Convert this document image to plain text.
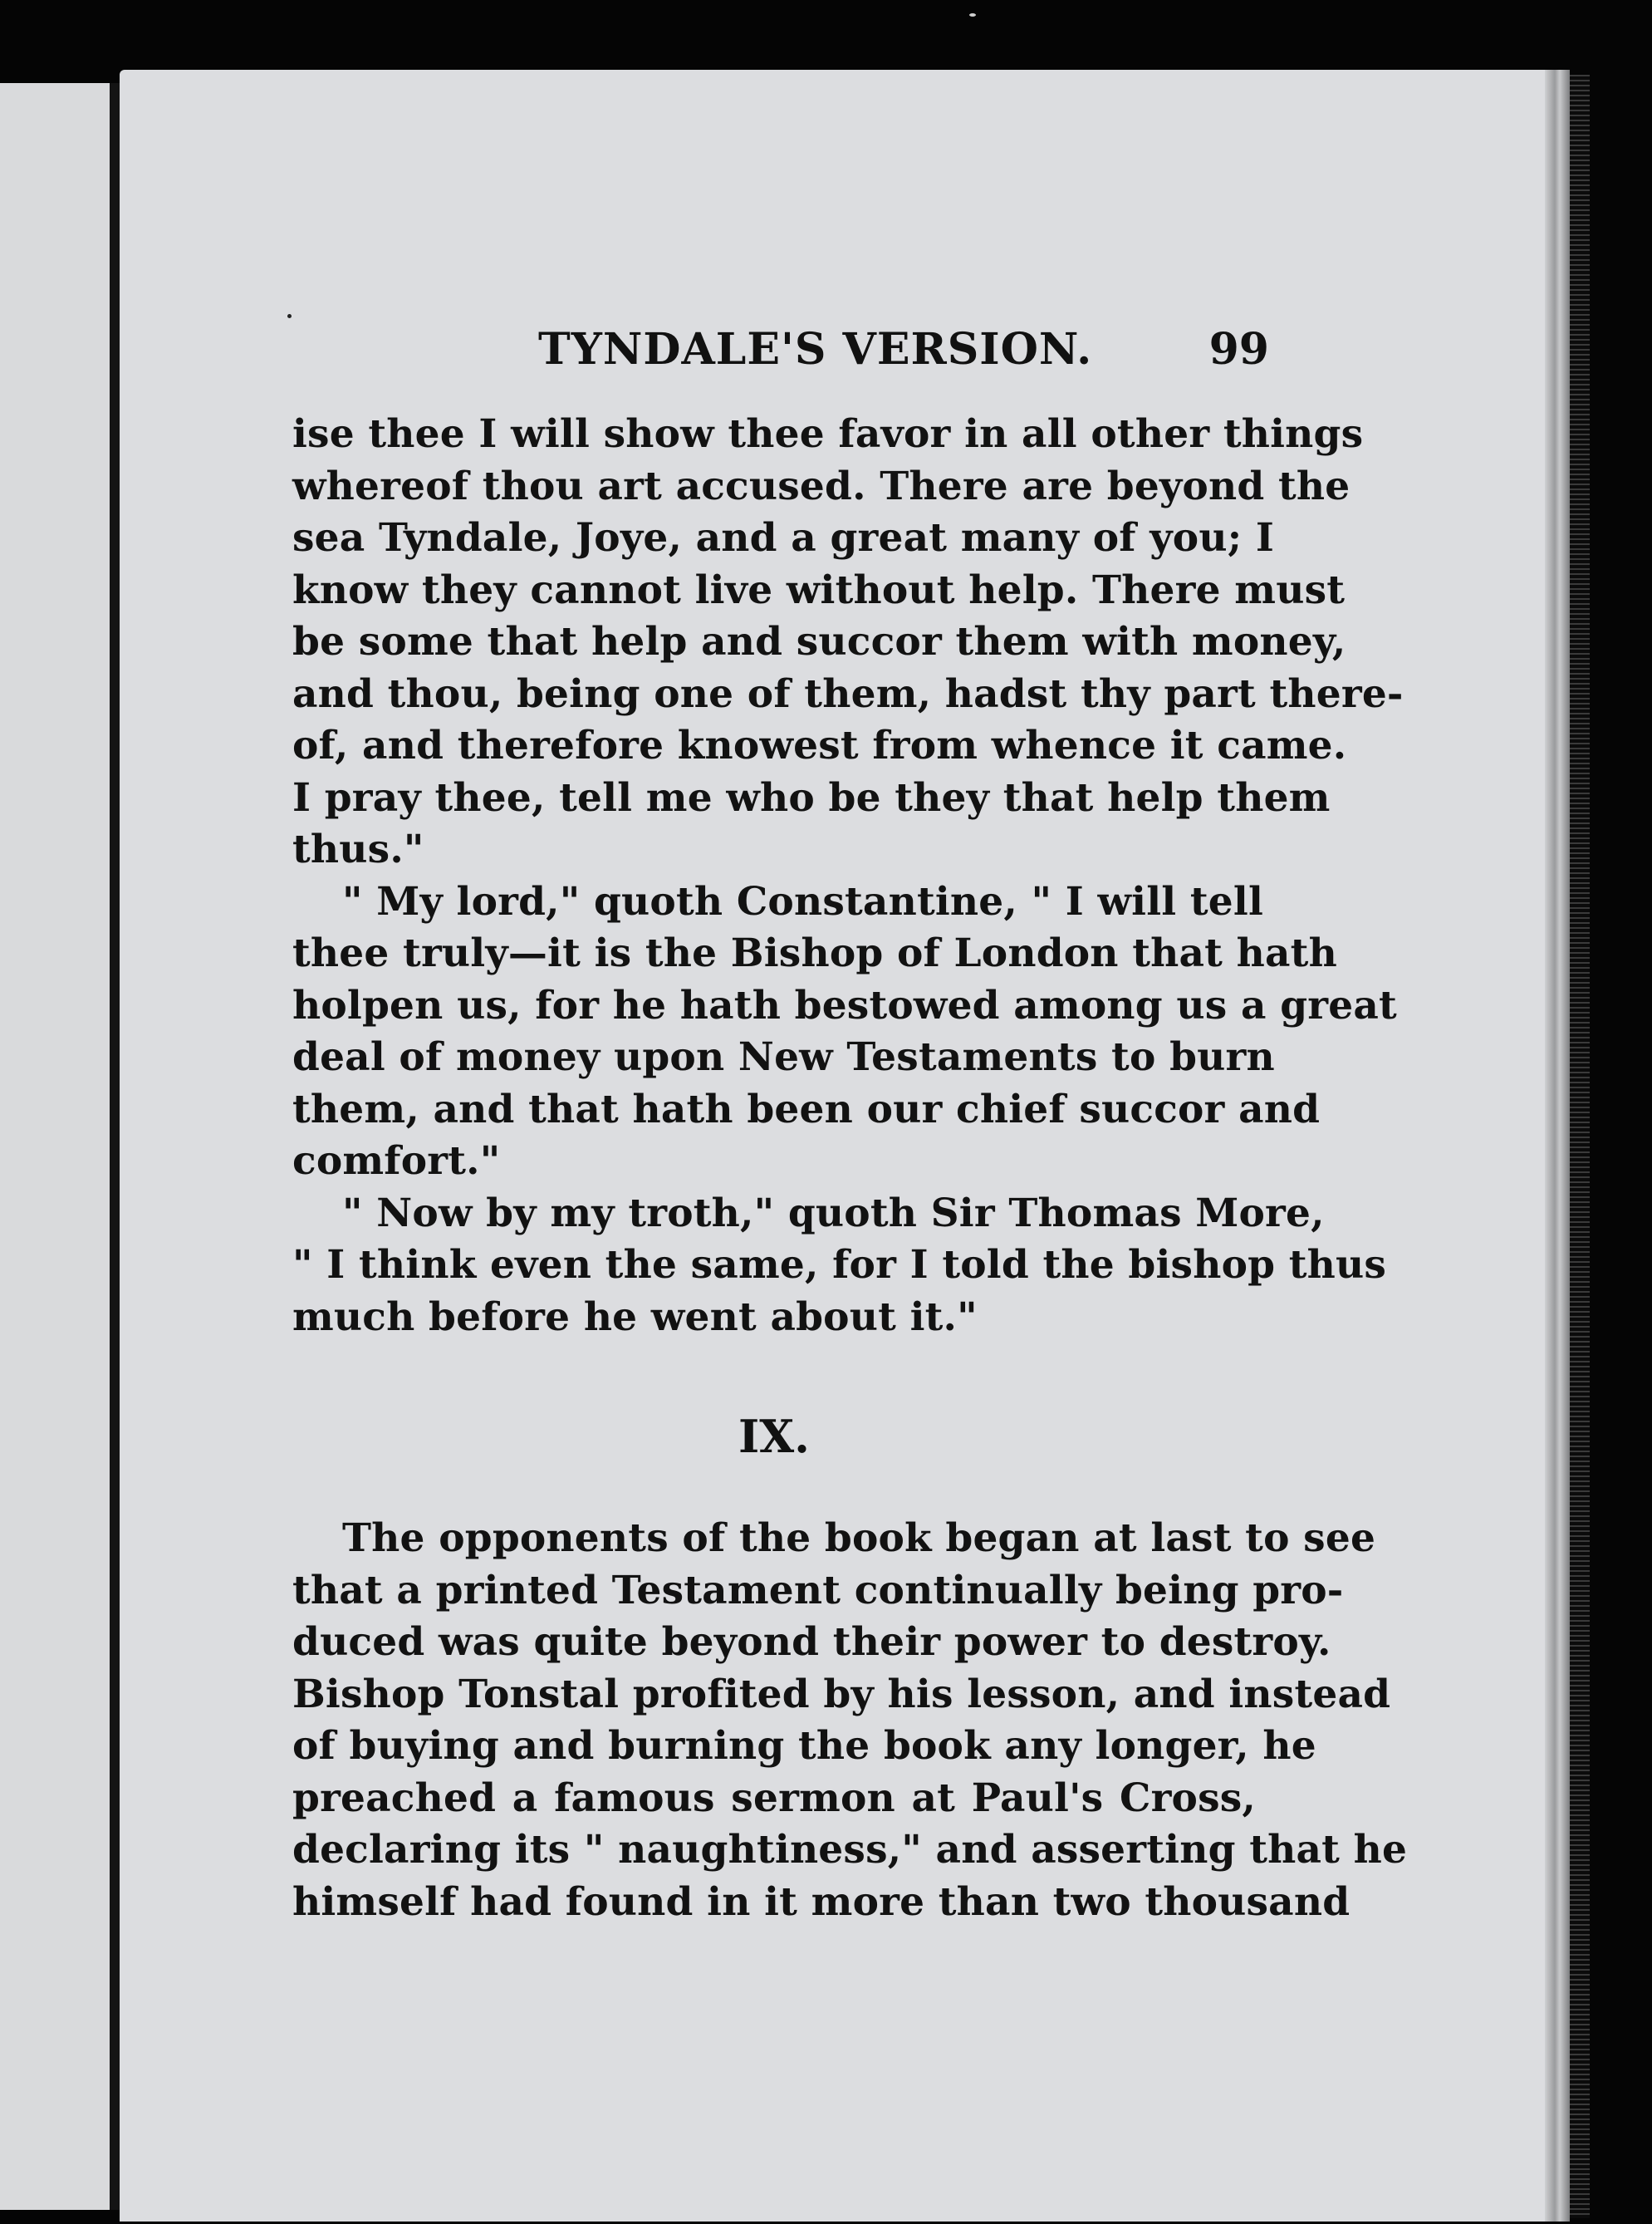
TYNDALE'S VERSION.	99
ise thee I will show thee favor in all other things
whereof thou art accused. There are beyond the
sea Tyndale, Joye, and a great many of you; I
know they cannot live without help. There must
be some that help and succor them with money,
and thou, being one of them, hadst thy part there-
of, and therefore knowest from whence it came.
I pray thee, tell me who be they that help them
thus."
" My lord," quoth Constantine, " I will tell
thee truly—it is the Bishop of London that hath
holpen us, for he hath bestowed among us a great
deal of money upon New Testaments to burn
them, and that hath been our chief succor and
comfort."
" Now by my troth," quoth Sir Thomas More,
" I think even the same, for I told the bishop thus
much before he went about it."
IX.
The opponents of the book began at last to see
that a printed Testament continually being pro-
duced was quite beyond their power to destroy.
Bishop Tonstal profited by his lesson, and instead
of buying and burning the book any longer, he
preached a famous sermon at Paul's Cross,
declaring its " naughtiness," and asserting that he
himself had found in it more than two thousand
